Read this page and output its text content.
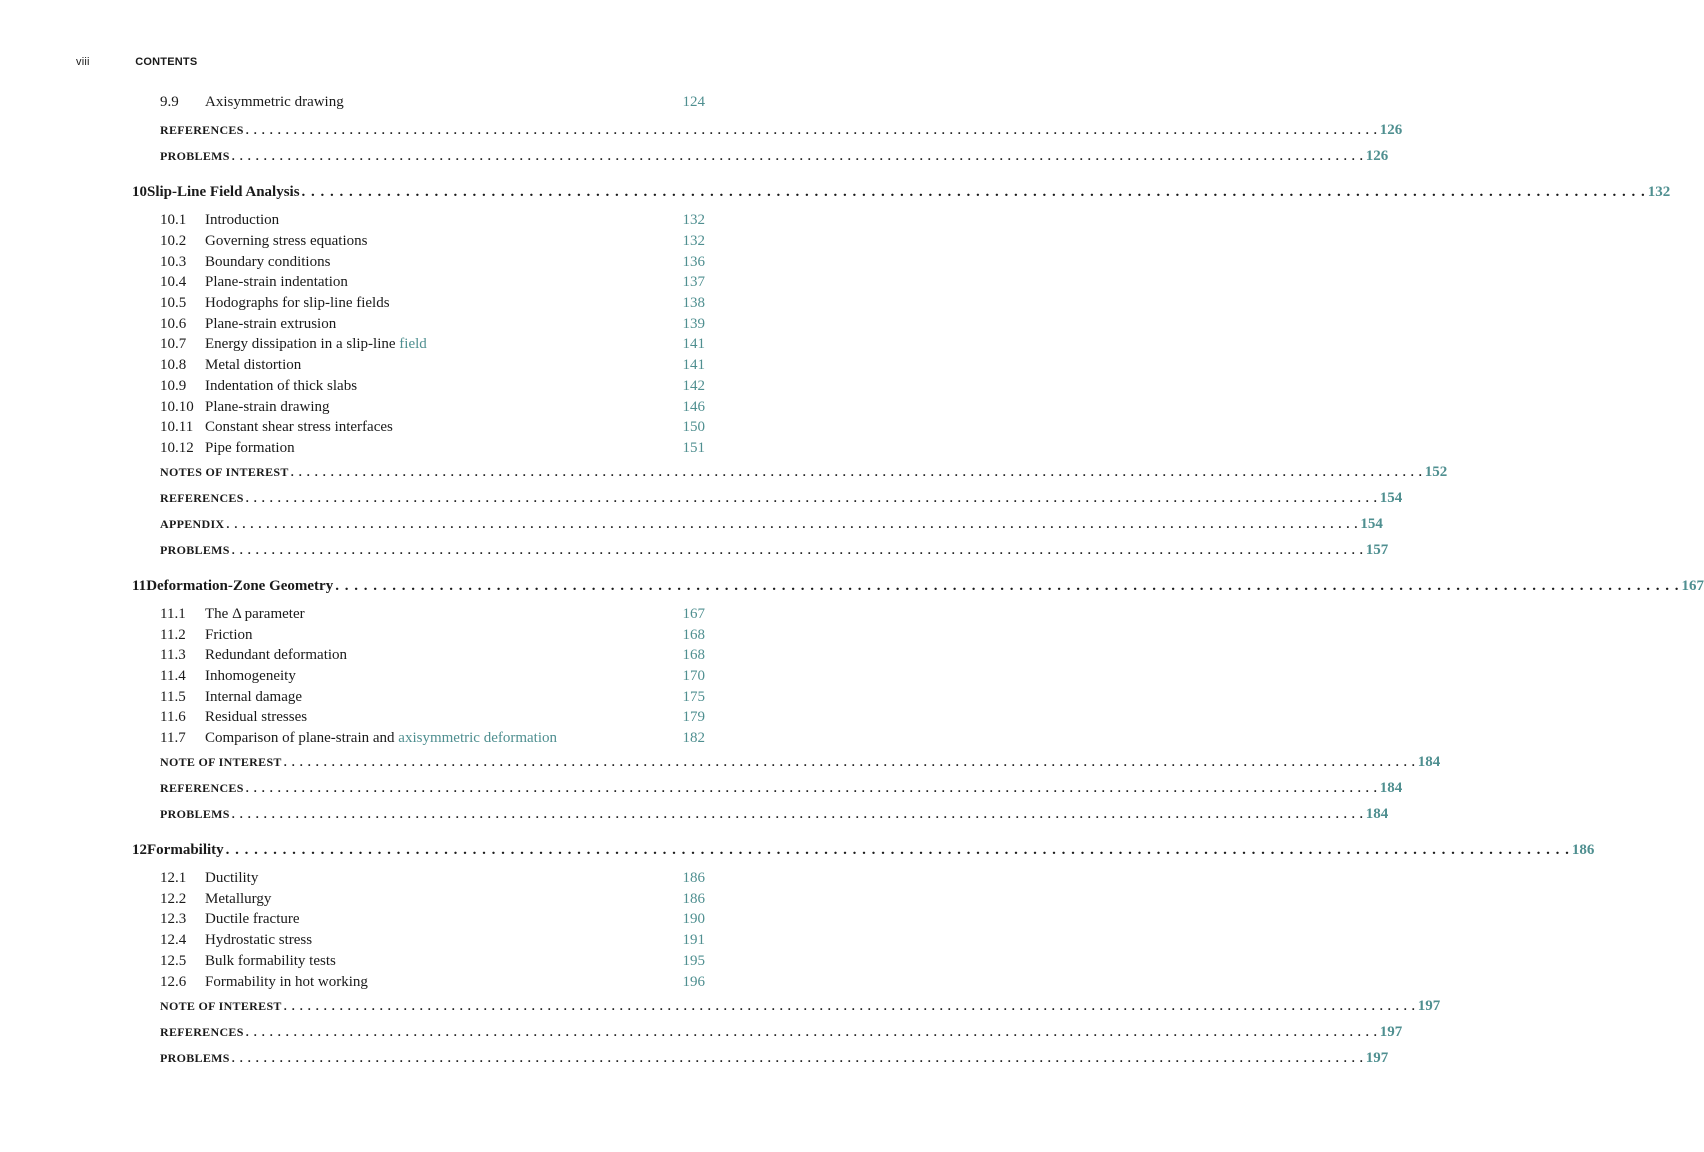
viii	CONTENTS
9.9 Axisymmetric drawing	124
REFERENCES . . .	126
PROBLEMS . . .	126
10 Slip-Line Field Analysis . . .	132
10.1 Introduction	132
10.2 Governing stress equations	132
10.3 Boundary conditions	136
10.4 Plane-strain indentation	137
10.5 Hodographs for slip-line fields	138
10.6 Plane-strain extrusion	139
10.7 Energy dissipation in a slip-line field	141
10.8 Metal distortion	141
10.9 Indentation of thick slabs	142
10.10 Plane-strain drawing	146
10.11 Constant shear stress interfaces	150
10.12 Pipe formation	151
NOTES OF INTEREST . . .	152
REFERENCES . . .	154
APPENDIX . . .	154
PROBLEMS . . .	157
11 Deformation-Zone Geometry . . .	167
11.1 The Δ parameter	167
11.2 Friction	168
11.3 Redundant deformation	168
11.4 Inhomogeneity	170
11.5 Internal damage	175
11.6 Residual stresses	179
11.7 Comparison of plane-strain and axisymmetric deformation	182
NOTE OF INTEREST . . .	184
REFERENCES . . .	184
PROBLEMS . . .	184
12 Formability . . .	186
12.1 Ductility	186
12.2 Metallurgy	186
12.3 Ductile fracture	190
12.4 Hydrostatic stress	191
12.5 Bulk formability tests	195
12.6 Formability in hot working	196
NOTE OF INTEREST . . .	197
REFERENCES . . .	197
PROBLEMS . . .	197
